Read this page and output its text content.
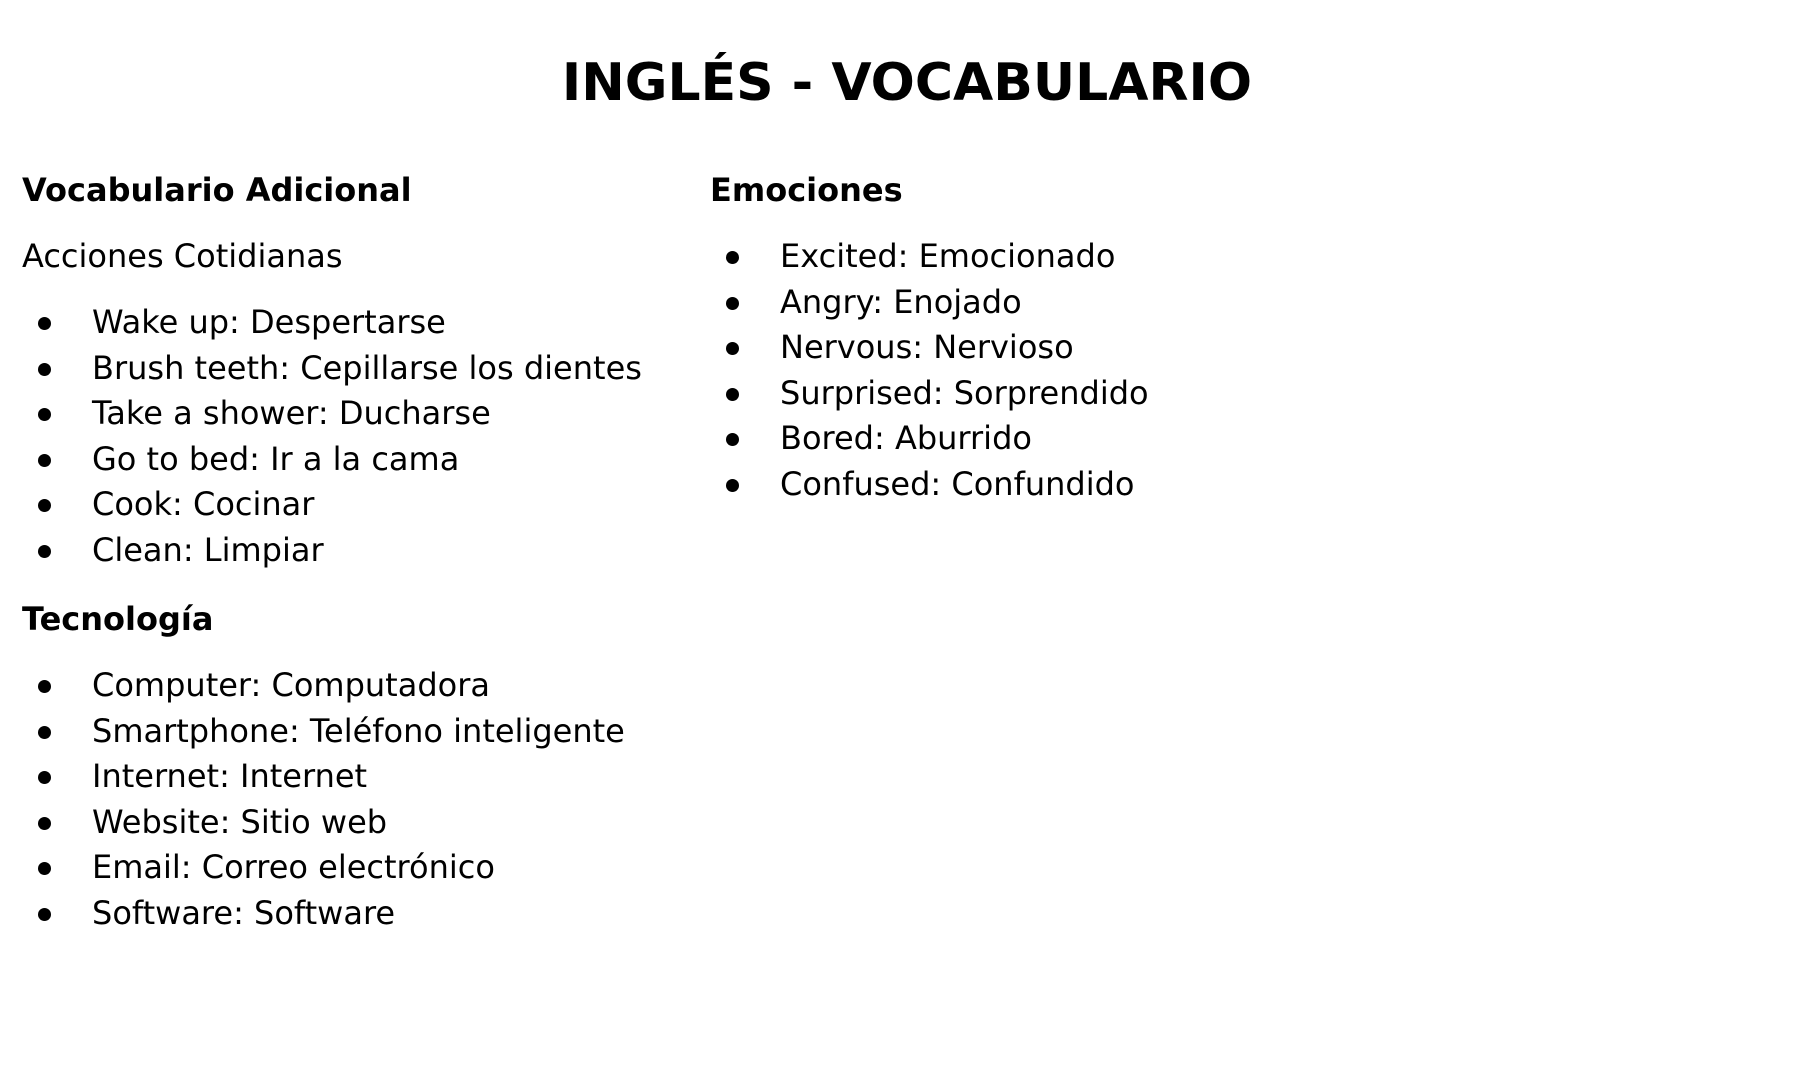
INGLÉS - VOCABULARIO
Vocabulario Adicional

Acciones Cotidianas

Wake up: Despertarse
Brush teeth: Cepillarse los dientes
Take a shower: Ducharse
Go to bed: Ir a la cama
Cook: Cocinar
Clean: Limpiar
Tecnología
Computer: Computadora
Smartphone: Teléfono inteligente
Internet: Internet
Website: Sitio web
Email: Correo electrónico
Software: Software
Emociones
Excited: Emocionado
Angry: Enojado
Nervous: Nervioso
Surprised: Sorprendido
Bored: Aburrido
Confused: Confundido
